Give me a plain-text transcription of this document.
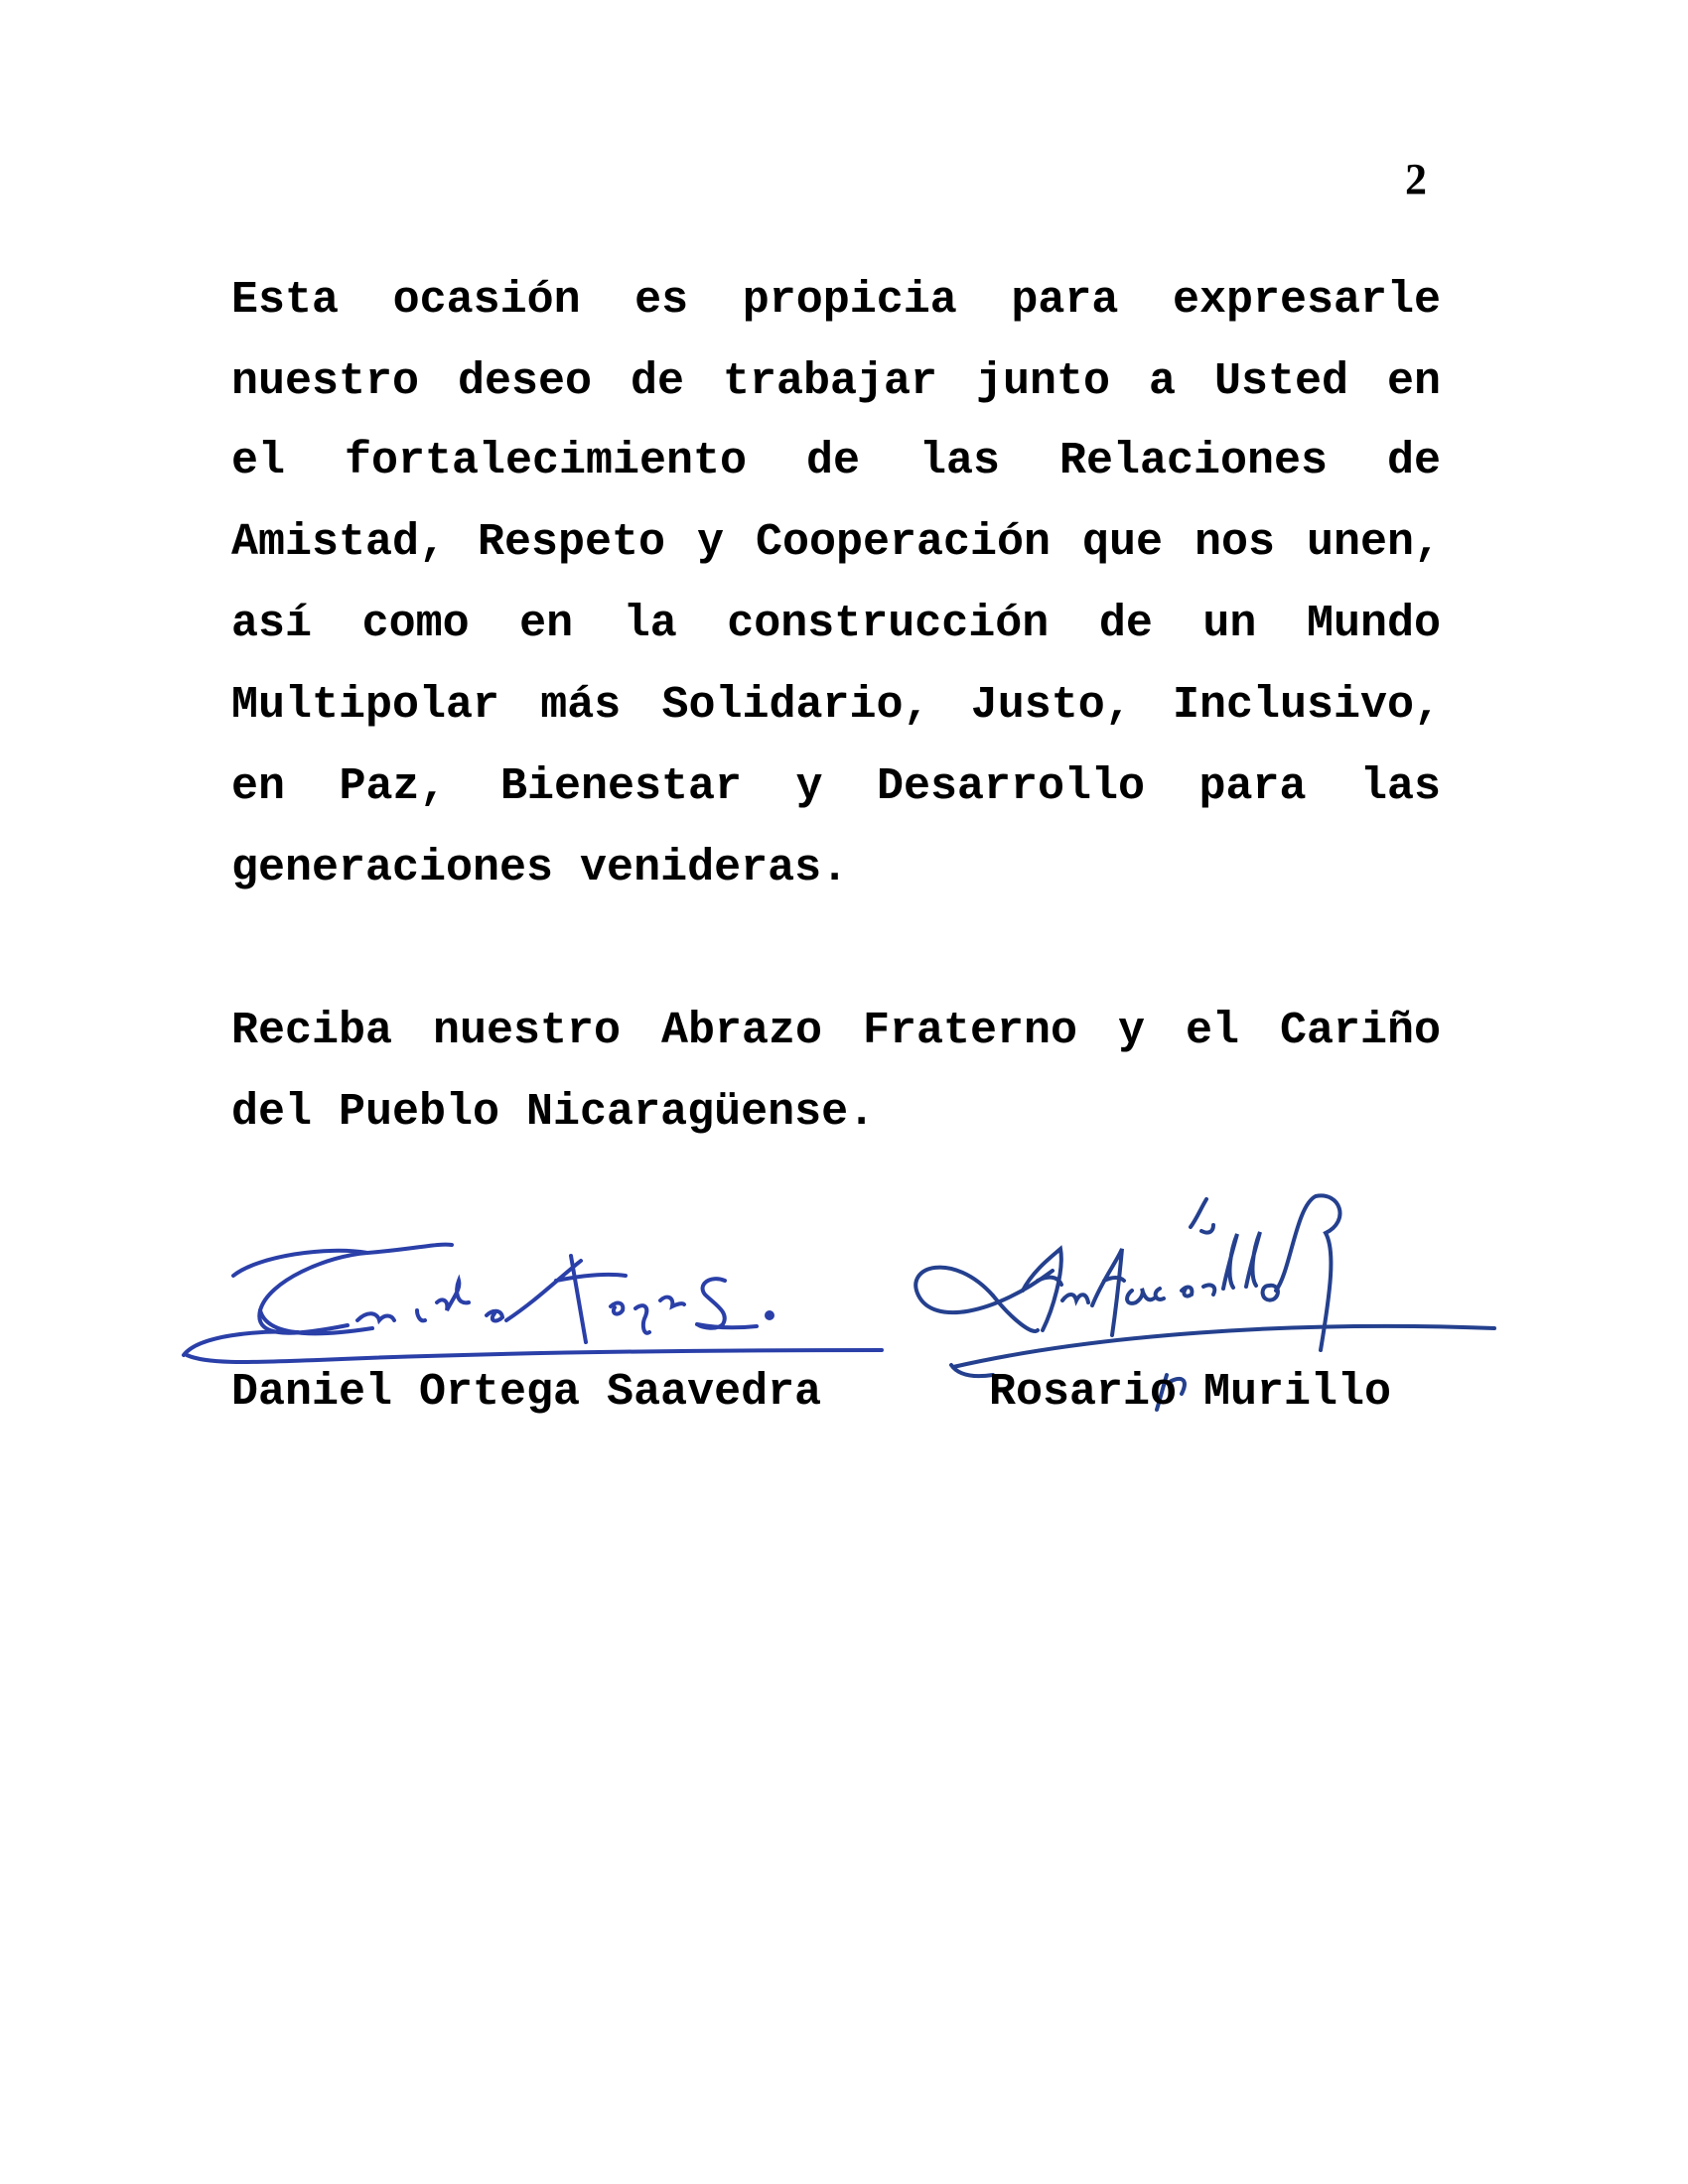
2
Esta ocasión es propicia para expresarle
nuestro deseo de trabajar junto a Usted en
el fortalecimiento de las Relaciones de
Amistad, Respeto y Cooperación que nos unen,
así como en la construcción de un Mundo
Multipolar más Solidario, Justo, Inclusivo,
en Paz, Bienestar y Desarrollo para las
generaciones venideras.
Reciba nuestro Abrazo Fraterno y el Cariño
del Pueblo Nicaragüense.
Daniel Ortega Saavedra	Rosario Murillo
